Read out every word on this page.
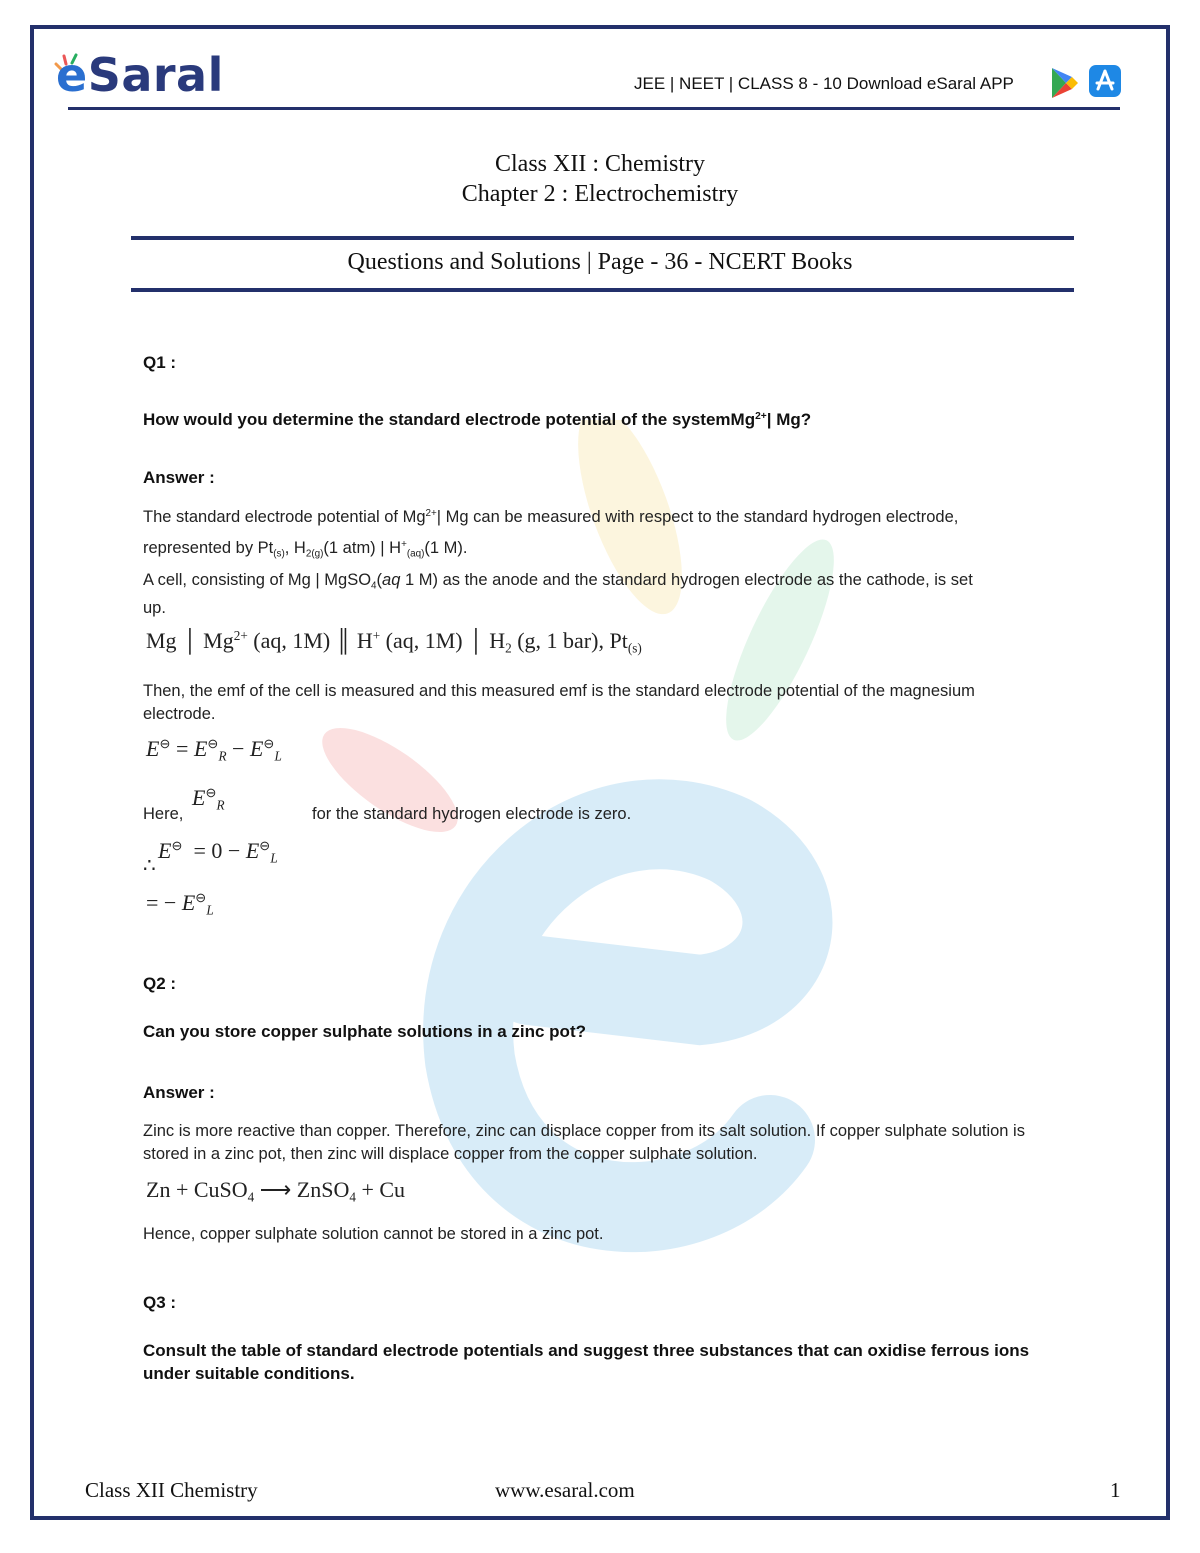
eSaral	JEE | NEET | CLASS 8 - 10 Download eSaral APP
Class XII : Chemistry
Chapter 2 : Electrochemistry
Questions and Solutions | Page - 36 - NCERT Books
Q1 :
How would you determine the standard electrode potential of the systemMg$^{2+}$| Mg?
Answer :
The standard electrode potential of $Mg^{2+}|$ Mg can be measured with respect to the standard hydrogen electrode,
represented by $Pt_{(s)}$, $H_{2(g)}(1$ atm) | $H^+_{(aq)}(1$ M).
A cell, consisting of Mg | MgSO$_4$(aq 1 M) as the anode and the standard hydrogen electrode as the cathode, is set
up.
Mg │ $Mg^{2+}$ (aq, 1M) ║ H+ (aq, 1M) │ $H_2$ (g, 1 bar), $Pt_{(s)}$
Then, the emf of the cell is measured and this measured emf is the standard electrode potential of the magnesium electrode.
$E^⊖ = E^⊖_R - E^⊖_L$
Here,
$E^⊖_R$	for the standard hydrogen electrode is zero.
∴
$E^⊖ = 0 - E^⊖_L$
= − $E^⊖_L$
Q2 :
Can you store copper sulphate solutions in a zinc pot?
Answer :
Zinc is more reactive than copper. Therefore, zinc can displace copper from its salt solution. If copper sulphate solution is stored in a zinc pot, then zinc will displace copper from the copper sulphate solution.
Zn + CuSO$_4$ ⟶ ZnSO$_4$ + Cu
Hence, copper sulphate solution cannot be stored in a zinc pot.
Q3 :
Consult the table of standard electrode potentials and suggest three substances that can oxidise ferrous ions under suitable conditions.
Class XII Chemistry	www.esaral.com	1
